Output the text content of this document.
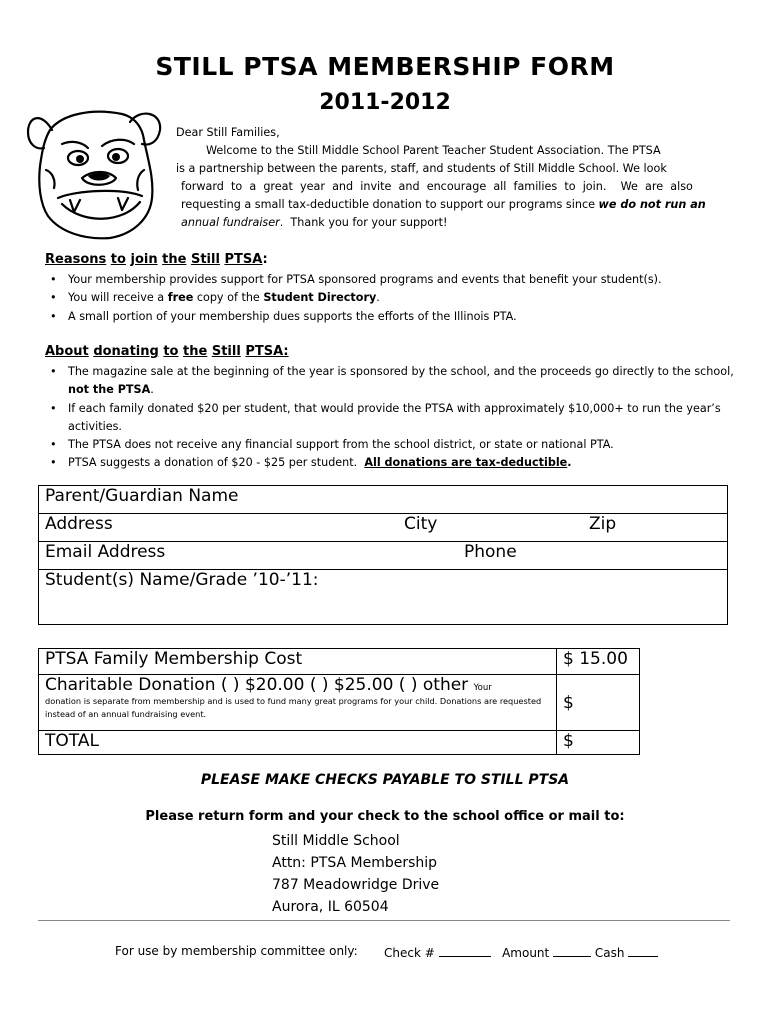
STILL PTSA MEMBERSHIP FORM
2011-2012
Dear Still Families,
Welcome to the Still Middle School Parent Teacher Student Association. The PTSA
is a partnership between the parents, staff, and students of Still Middle School. We look
forward  to  a  great  year  and  invite  and  encourage  all  families  to  join.    We  are  also
requesting a small tax-deductible donation to support our programs since we do not run an
annual fundraiser.  Thank you for your support!
Reasons to join the Still PTSA:
• Your membership provides support for PTSA sponsored programs and events that benefit your student(s).
• You will receive a free copy of the Student Directory.
• A small portion of your membership dues supports the efforts of the Illinois PTA.
About donating to the Still PTSA:
• The magazine sale at the beginning of the year is sponsored by the school, and the proceeds go directly to the school, not the PTSA.
• If each family donated $20 per student, that would provide the PTSA with approximately $10,000+ to run the year’s activities.
• The PTSA does not receive any financial support from the school district, or state or national PTA.
• PTSA suggests a donation of $20 - $25 per student.  All donations are tax-deductible.
Parent/Guardian Name
Address	City	Zip

Email Address	Phone

Student(s) Name/Grade ’10-’11:
PTSA Family Membership Cost	$ 15.00

Charitable Donation ( ) $20.00 ( ) $25.00 ( ) other Your
donation is separate from membership and is used to fund many great programs for your child. Donations are requested instead of an annual fundraising event.	$
TOTAL	$
PLEASE MAKE CHECKS PAYABLE TO STILL PTSA
Please return form and your check to the school office or mail to:
Still Middle School
Attn: PTSA Membership
787 Meadowridge Drive
Aurora, IL 60504
For use by membership committee only: Check #	Amount	Cash
